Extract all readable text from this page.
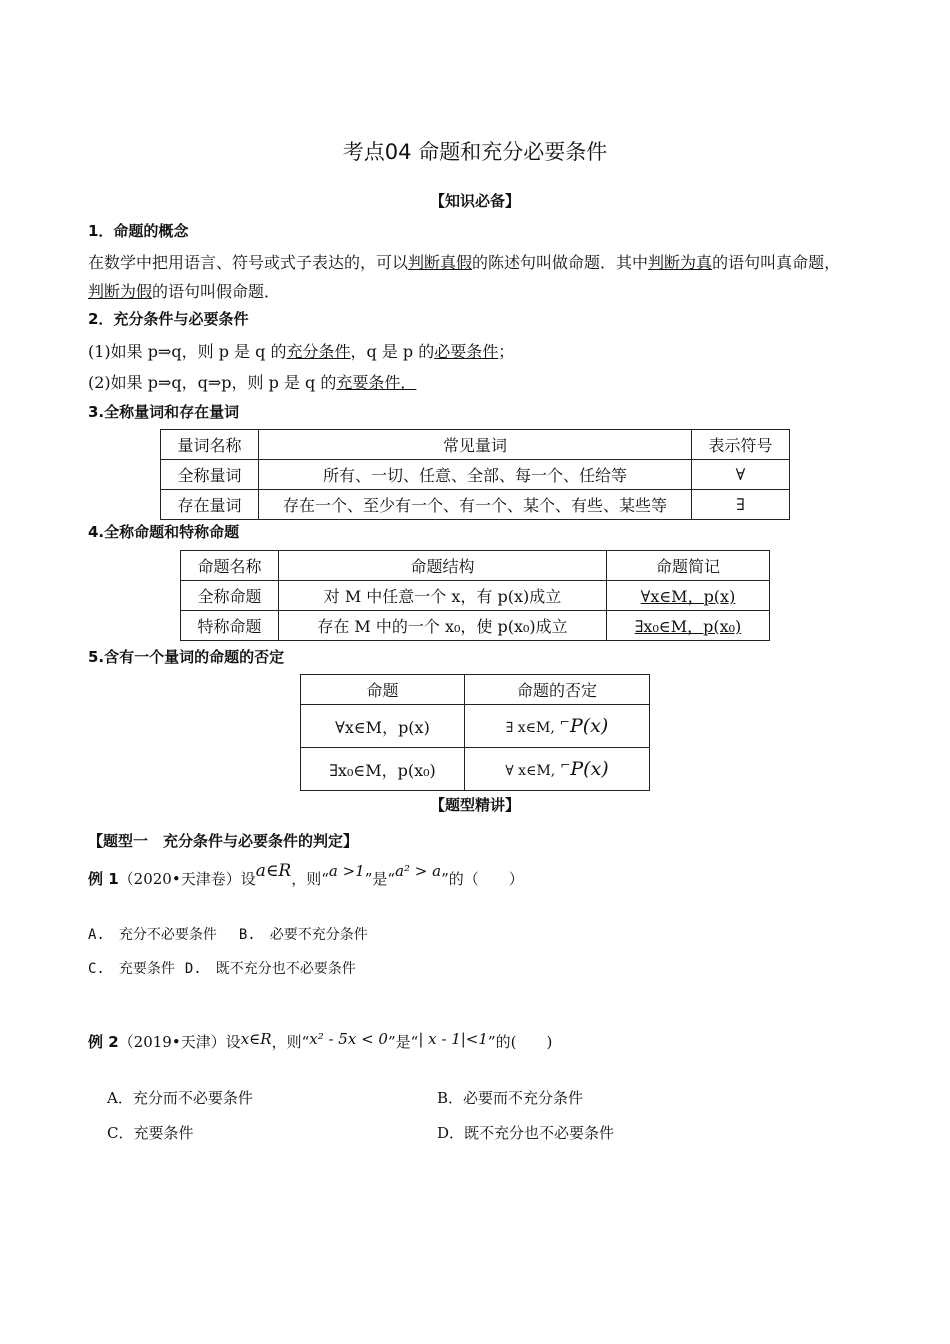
考点04 命题和充分必要条件
【知识必备】
1．命题的概念
在数学中把用语言、符号或式子表达的，可以判断真假的陈述句叫做命题．其中判断为真的语句叫真命题，
判断为假的语句叫假命题．
2．充分条件与必要条件
(1)如果 p⇒q，则 p 是 q 的充分条件，q 是 p 的必要条件；
(2)如果 p⇒q，q⇒p，则 p 是 q 的充要条件．
3.全称量词和存在量词
量词名称	常见量词	表示符号
全称量词	所有、一切、任意、全部、每一个、任给等	∀
存在量词	存在一个、至少有一个、有一个、某个、有些、某些等	∃
4.全称命题和特称命题
命题名称	命题结构	命题简记
全称命题	对 M 中任意一个 x，有 p(x)成立	∀x∈M，p(x)
特称命题	存在 M 中的一个 x₀，使 p(x₀)成立	∃x₀∈M，p(x₀)
5.含有一个量词的命题的否定
命题	命题的否定
∀x∈M，p(x)	∃ x∈M, ⌐P(x)
∃x₀∈M，p(x₀)	∀ x∈M, ⌐P(x)
【题型精讲】
【题型一　充分条件与必要条件的判定】
例 1（2020•天津卷）设a∈R，则“a >1”是“a² > a”的（　　）
A.　充分不必要条件 B.　必要不充分条件
C.　充要条件 D.　既不充分也不必要条件
例 2（2019•天津）设x∈R，则“x² - 5x < 0”是“| x - 1|<1”的(　　)
A．充分而不必要条件	B．必要而不充分条件
C．充要条件	D．既不充分也不必要条件
